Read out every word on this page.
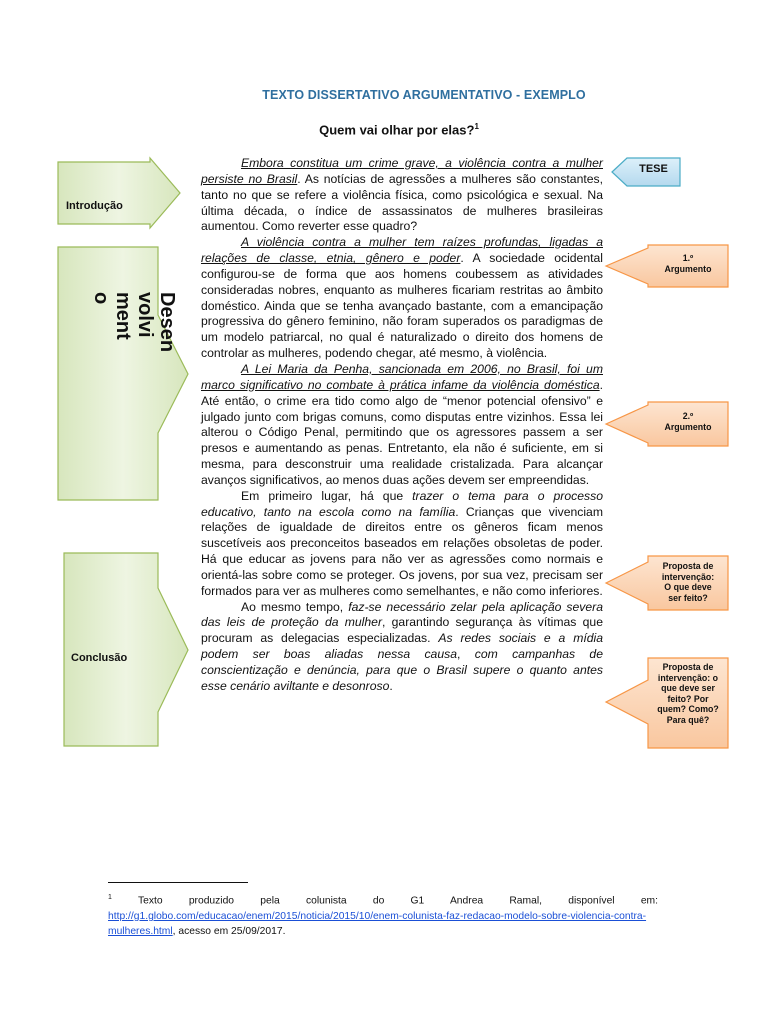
TEXTO DISSERTATIVO ARGUMENTATIVO - EXEMPLO
Quem vai olhar por elas?$^1$
Introdução
Desen
volvi
ment
o
Conclusão
TESE
1.º
Argumento
2.º
Argumento
Proposta de
intervenção:
O que deve
ser feito?
Proposta de
intervenção: o
que deve ser
feito? Por
quem? Como?
Para quê?

Embora constitua um crime grave, a violência contra a mulher persiste no Brasil. As notícias de agressões a mulheres são constantes, tanto no que se refere a violência física, como psicológica e sexual. Na última década, o índice de assassinatos de mulheres brasileiras aumentou. Como reverter esse quadro?

A violência contra a mulher tem raízes profundas, ligadas a relações de classe, etnia, gênero e poder. A sociedade ocidental configurou-se de forma que aos homens coubessem as atividades consideradas nobres, enquanto as mulheres ficariam restritas ao âmbito doméstico. Ainda que se tenha avançado bastante, com a emancipação progressiva do gênero feminino, não foram superados os paradigmas de um modelo patriarcal, no qual é naturalizado o direito dos homens de controlar as mulheres, podendo chegar, até mesmo, à violência.

A Lei Maria da Penha, sancionada em 2006, no Brasil, foi um marco significativo no combate à prática infame da violência doméstica. Até então, o crime era tido como algo de “menor potencial ofensivo” e julgado junto com brigas comuns, como disputas entre vizinhos. Essa lei alterou o Código Penal, permitindo que os agressores passem a ser presos e aumentando as penas. Entretanto, ela não é suficiente, em si mesma, para desconstruir uma realidade cristalizada. Para alcançar avanços significativos, ao menos duas ações devem ser empreendidas.

Em primeiro lugar, há que trazer o tema para o processo educativo, tanto na escola como na família. Crianças que vivenciam relações de igualdade de direitos entre os gêneros ficam menos suscetíveis aos preconceitos baseados em relações obsoletas de poder. Há que educar as jovens para não ver as agressões como normais e orientá-las sobre como se proteger. Os jovens, por sua vez, precisam ser formados para ver as mulheres como semelhantes, e não como inferiores.

Ao mesmo tempo, faz-se necessário zelar pela aplicação severa das leis de proteção da mulher, garantindo segurança às vítimas que procuram as delegacias especializadas. As redes sociais e a mídia podem ser boas aliadas nessa causa, com campanhas de conscientização e denúncia, para que o Brasil supere o quanto antes esse cenário aviltante e desonroso.

$^1$	Texto produzido pela colunista do G1 Andrea Ramal, disponível em: http://g1.globo.com/educacao/enem/2015/noticia/2015/10/enem-colunista-faz-redacao-modelo-sobre-violencia-contra-mulheres.html, acesso em 25/09/2017.
